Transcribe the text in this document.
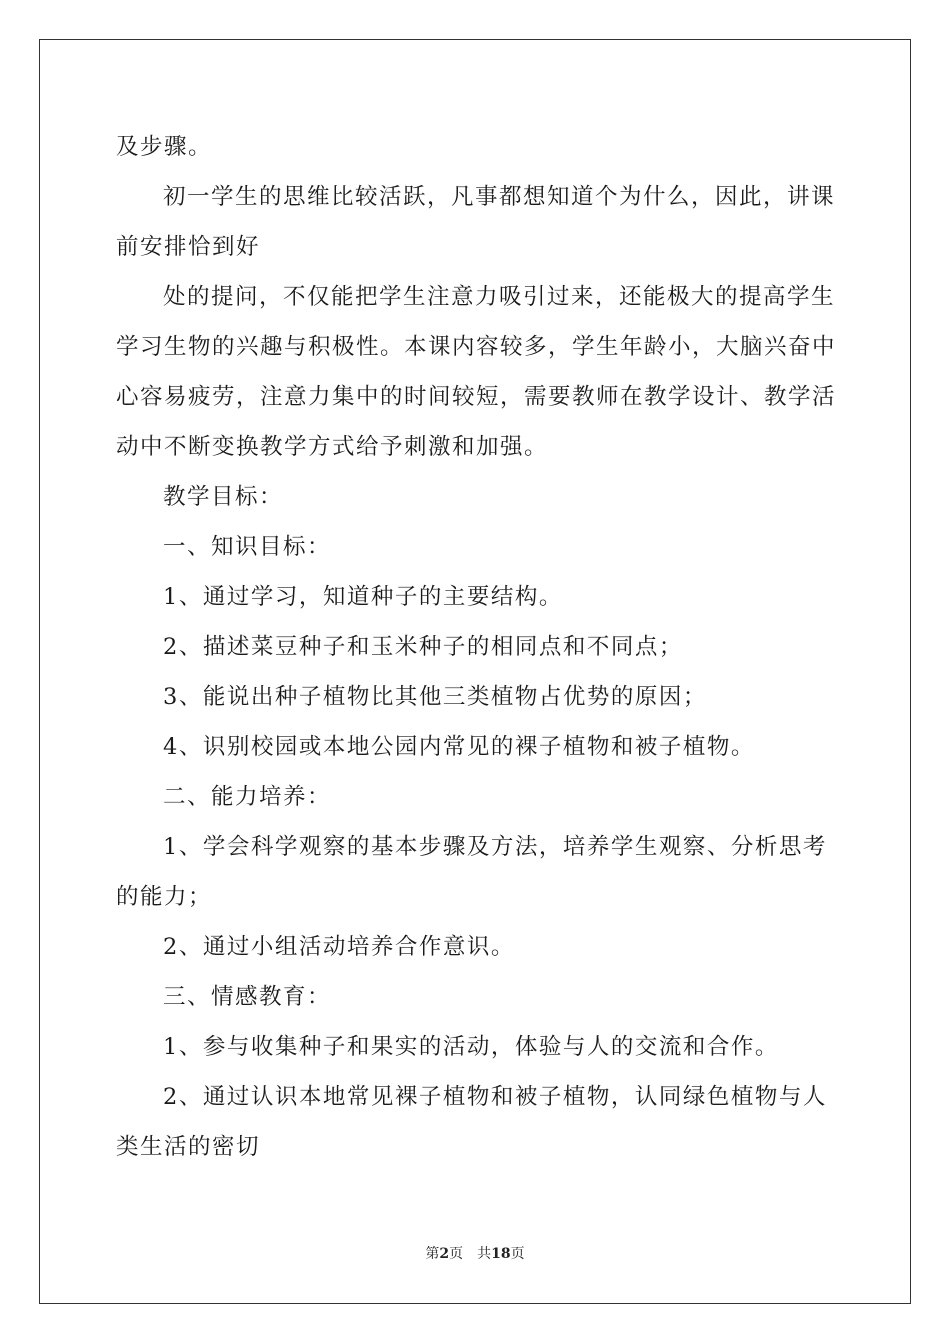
及步骤。

初一学生的思维比较活跃，凡事都想知道个为什么，因此，讲课

前安排恰到好

处的提问，不仅能把学生注意力吸引过来，还能极大的提高学生

学习生物的兴趣与积极性。本课内容较多，学生年龄小，大脑兴奋中

心容易疲劳，注意力集中的时间较短，需要教师在教学设计、教学活

动中不断变换教学方式给予刺激和加强。

教学目标：

一、知识目标：

1、通过学习，知道种子的主要结构。

2、描述菜豆种子和玉米种子的相同点和不同点；

3、能说出种子植物比其他三类植物占优势的原因；

4、识别校园或本地公园内常见的裸子植物和被子植物。

二、能力培养：

1、学会科学观察的基本步骤及方法，培养学生观察、分析思考

的能力；

2、通过小组活动培养合作意识。

三、情感教育：

1、参与收集种子和果实的活动，体验与人的交流和合作。

2、通过认识本地常见裸子植物和被子植物，认同绿色植物与人

类生活的密切

第2页 共18页
